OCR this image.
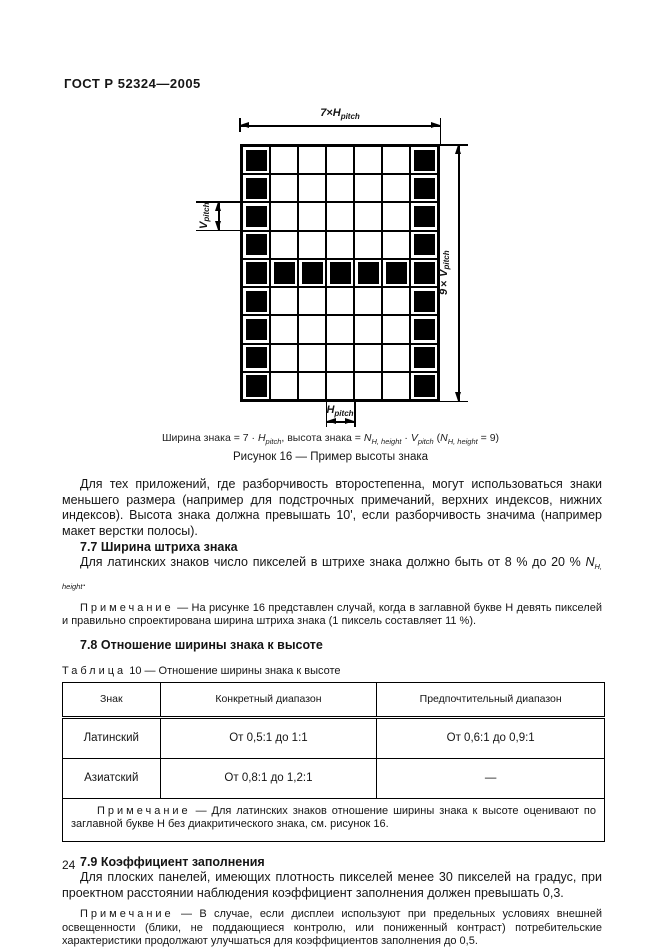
ГОСТ Р 52324—2005
$7\times H_{pitch}$
$9\times V_{pitch}$
$V_{pitch}$
$H_{pitch}$
Ширина знака = $7 \cdot H_{pitch}$, высота знака = $N_{H, height} \cdot V_{pitch}$ $(N_{H, height} = 9)$
Рисунок 16 — Пример высоты знака

Для тех приложений, где разборчивость второстепенна, могут использоваться знаки меньшего размера (например для подстрочных примечаний, верхних индексов, нижних индексов). Высота знака должна превышать 10', если разборчивость значима (например макет верстки полосы).

7.7 Ширина штриха знака

Для латинских знаков число пикселей в штрихе знака должно быть от 8 % до 20 % $N_{H, height}$.

Примечание — На рисунке 16 представлен случай, когда в заглавной букве Н девять пикселей и правильно спроектирована ширина штриха знака (1 пиксель составляет 11 %).

7.8 Отношение ширины знака к высоте
Таблица 10 — Отношение ширины знака к высоте
Знак	Конкретный диапазон	Предпочтительный диапазон
Латинский	От 0,5:1 до 1:1	От 0,6:1 до 0,9:1
Азиатский	От 0,8:1 до 1,2:1	—

Примечание — Для латинских знаков отношение ширины знака к высоте оценивают по заглавной букве Н без диакритического знака, см. рисунок 16.		
7.9 Коэффициент заполнения

Для плоских панелей, имеющих плотность пикселей менее 30 пикселей на градус, при проектном расстоянии наблюдения коэффициент заполнения должен превышать 0,3.

Примечание — В случае, если дисплеи используют при предельных условиях внешней освещенности (блики, не поддающиеся контролю, или пониженный контраст) потребительские характеристики продолжают улучшаться для коэффициентов заполнения до 0,5.

24
